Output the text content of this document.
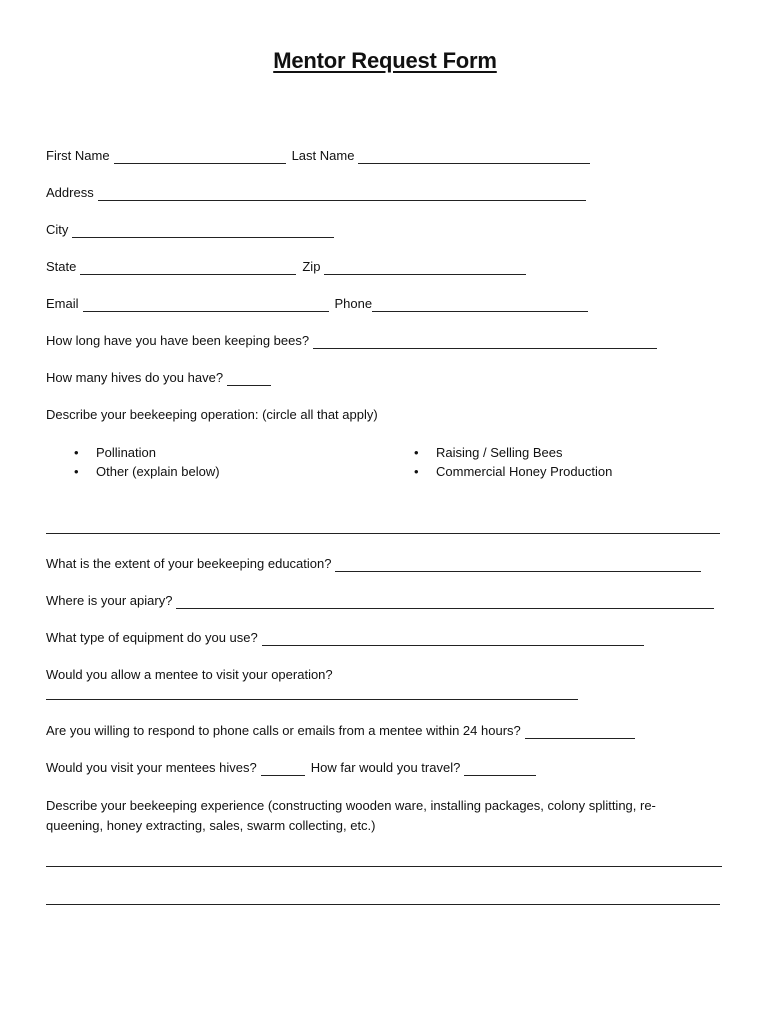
Mentor Request Form
First Name	Last Name
Address
City
State	Zip
Email	Phone
How long have you have been keeping bees?
How many hives do you have?
Describe your beekeeping operation: (circle all that apply)
• Pollination
• Other (explain below)
• Raising / Selling Bees
• Commercial Honey Production
What is the extent of your beekeeping education?
Where is your apiary?
What type of equipment do you use?
Would you allow a mentee to visit your operation?
Are you willing to respond to phone calls or emails from a mentee within 24 hours?
Would you visit your mentees hives?	How far would you travel?
Describe your beekeeping experience (constructing wooden ware, installing packages, colony splitting, re-queening, honey extracting, sales, swarm collecting, etc.)
